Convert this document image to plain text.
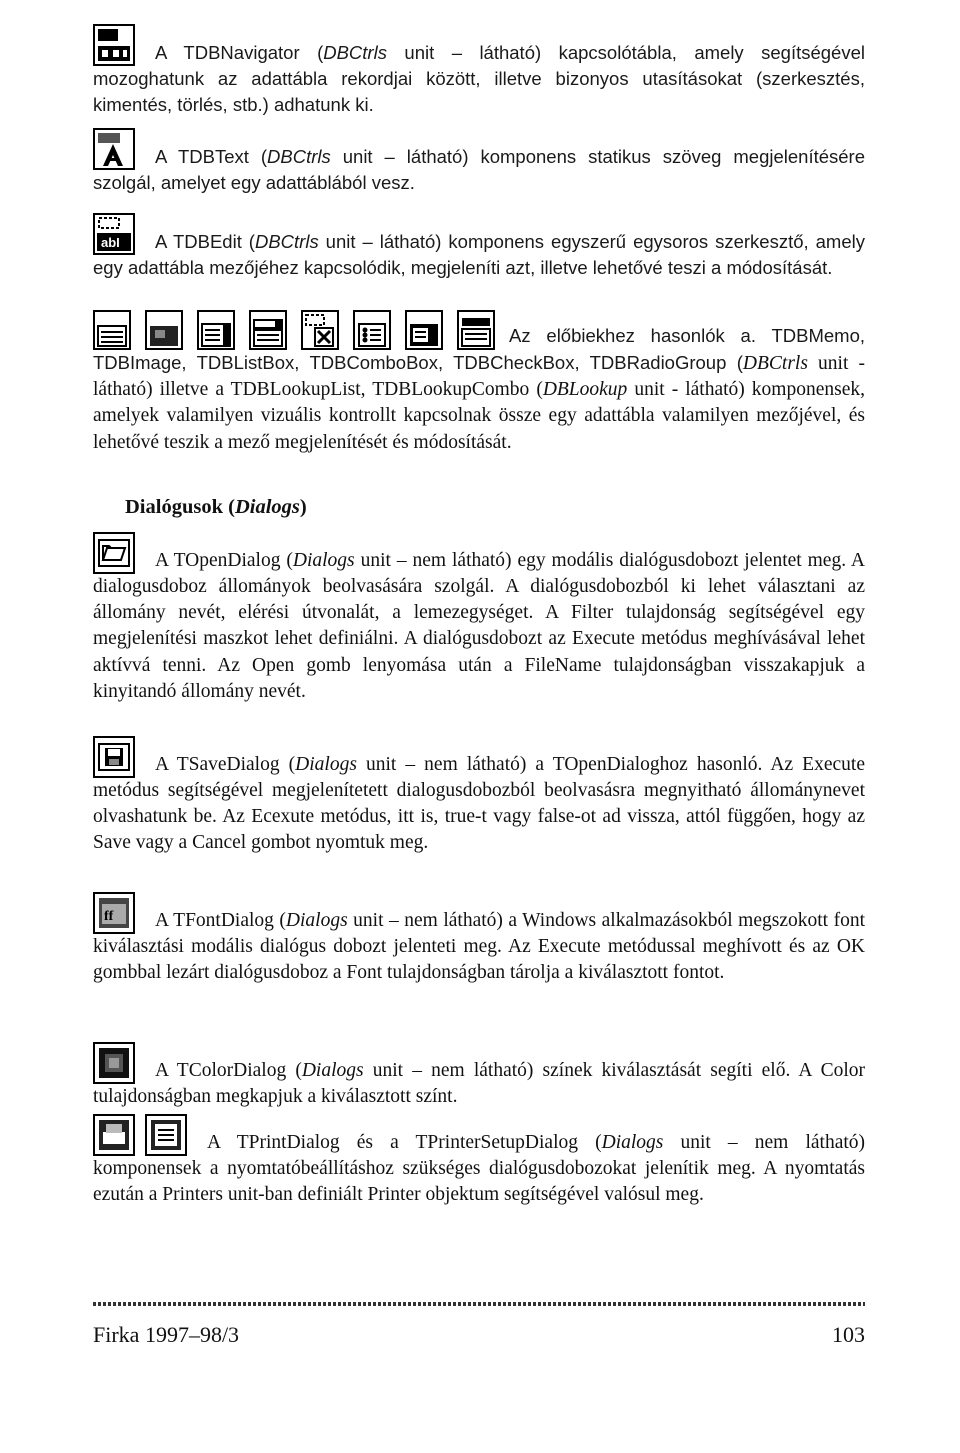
A TDBNavigator (DBCtrls unit – látható) kapcsolótábla, amely segítségével mozoghatunk az adattábla rekordjai között, illetve bizonyos utasításokat (szerkesztés, kimentés, törlés, stb.) adhatunk ki.

A TDBText (DBCtrls unit – látható) komponens statikus szöveg megjelenítésére szolgál, amelyet egy adattáblából vesz.

abI A TDBEdit (DBCtrls unit – látható) komponens egyszerű egysoros szerkesztő, amely egy adattábla mezőjéhez kapcsolódik, megjeleníti azt, illetve lehetővé teszi a módosítását.

Az előbiekhez hasonlók a. TDBMemo, TDBImage, TDBListBox, TDBComboBox, TDBCheckBox, TDBRadioGroup (DBCtrls unit - látható) illetve a TDBLookupList, TDBLookupCombo (DBLookup unit - látható) komponensek, amelyek valamilyen vizuális kontrollt kapcsolnak össze egy adattábla valamilyen mezőjével, és lehetővé teszik a mező megjelenítését és módosítását.

Dialógusok (Dialogs)

A TOpenDialog (Dialogs unit – nem látható) egy modális dialógusdobozt jelentet meg. A dialogusdoboz állományok beolvasására szolgál. A dialógusdobozból ki lehet választani az állomány nevét, elérési útvonalát, a lemezegységet. A Filter tulajdonság segítségével egy megjelenítési maszkot lehet definiálni. A dialógusdobozt az Execute metódus meghívásával lehet aktívvá tenni. Az Open gomb lenyomása után a FileName tulajdonságban visszakapjuk a kinyitandó állomány nevét.

A TSaveDialog (Dialogs unit – nem látható) a TOpenDialoghoz hasonló. Az Execute metódus segítségével megjelenítetett dialogusdobozból beolvasásra megnyitható állománynevet olvashatunk be. Az Ecexute metódus, itt is, true-t vagy false-ot ad vissza, attól függően, hogy az Save vagy a Cancel gombot nyomtuk meg.

ff A TFontDialog (Dialogs unit – nem látható) a Windows alkalmazásokból megszokott font kiválasztási modális dialógus dobozt jelenteti meg. Az Execute metódussal meghívott és az OK gombbal lezárt dialógusdoboz a Font tulajdonságban tárolja a kiválasztott fontot.

A TColorDialog (Dialogs unit – nem látható) színek kiválasztását segíti elő. A Color tulajdonságban megkapjuk a kiválasztott színt.

A TPrintDialog és a TPrinterSetupDialog (Dialogs unit – nem látható) komponensek a nyomtatóbeállításhoz szükséges dialógusdobozokat jelenítik meg. A nyomtatás ezután a Printers unit-ban definiált Printer objektum segítségével valósul meg.

Firka 1997–98/3	103
